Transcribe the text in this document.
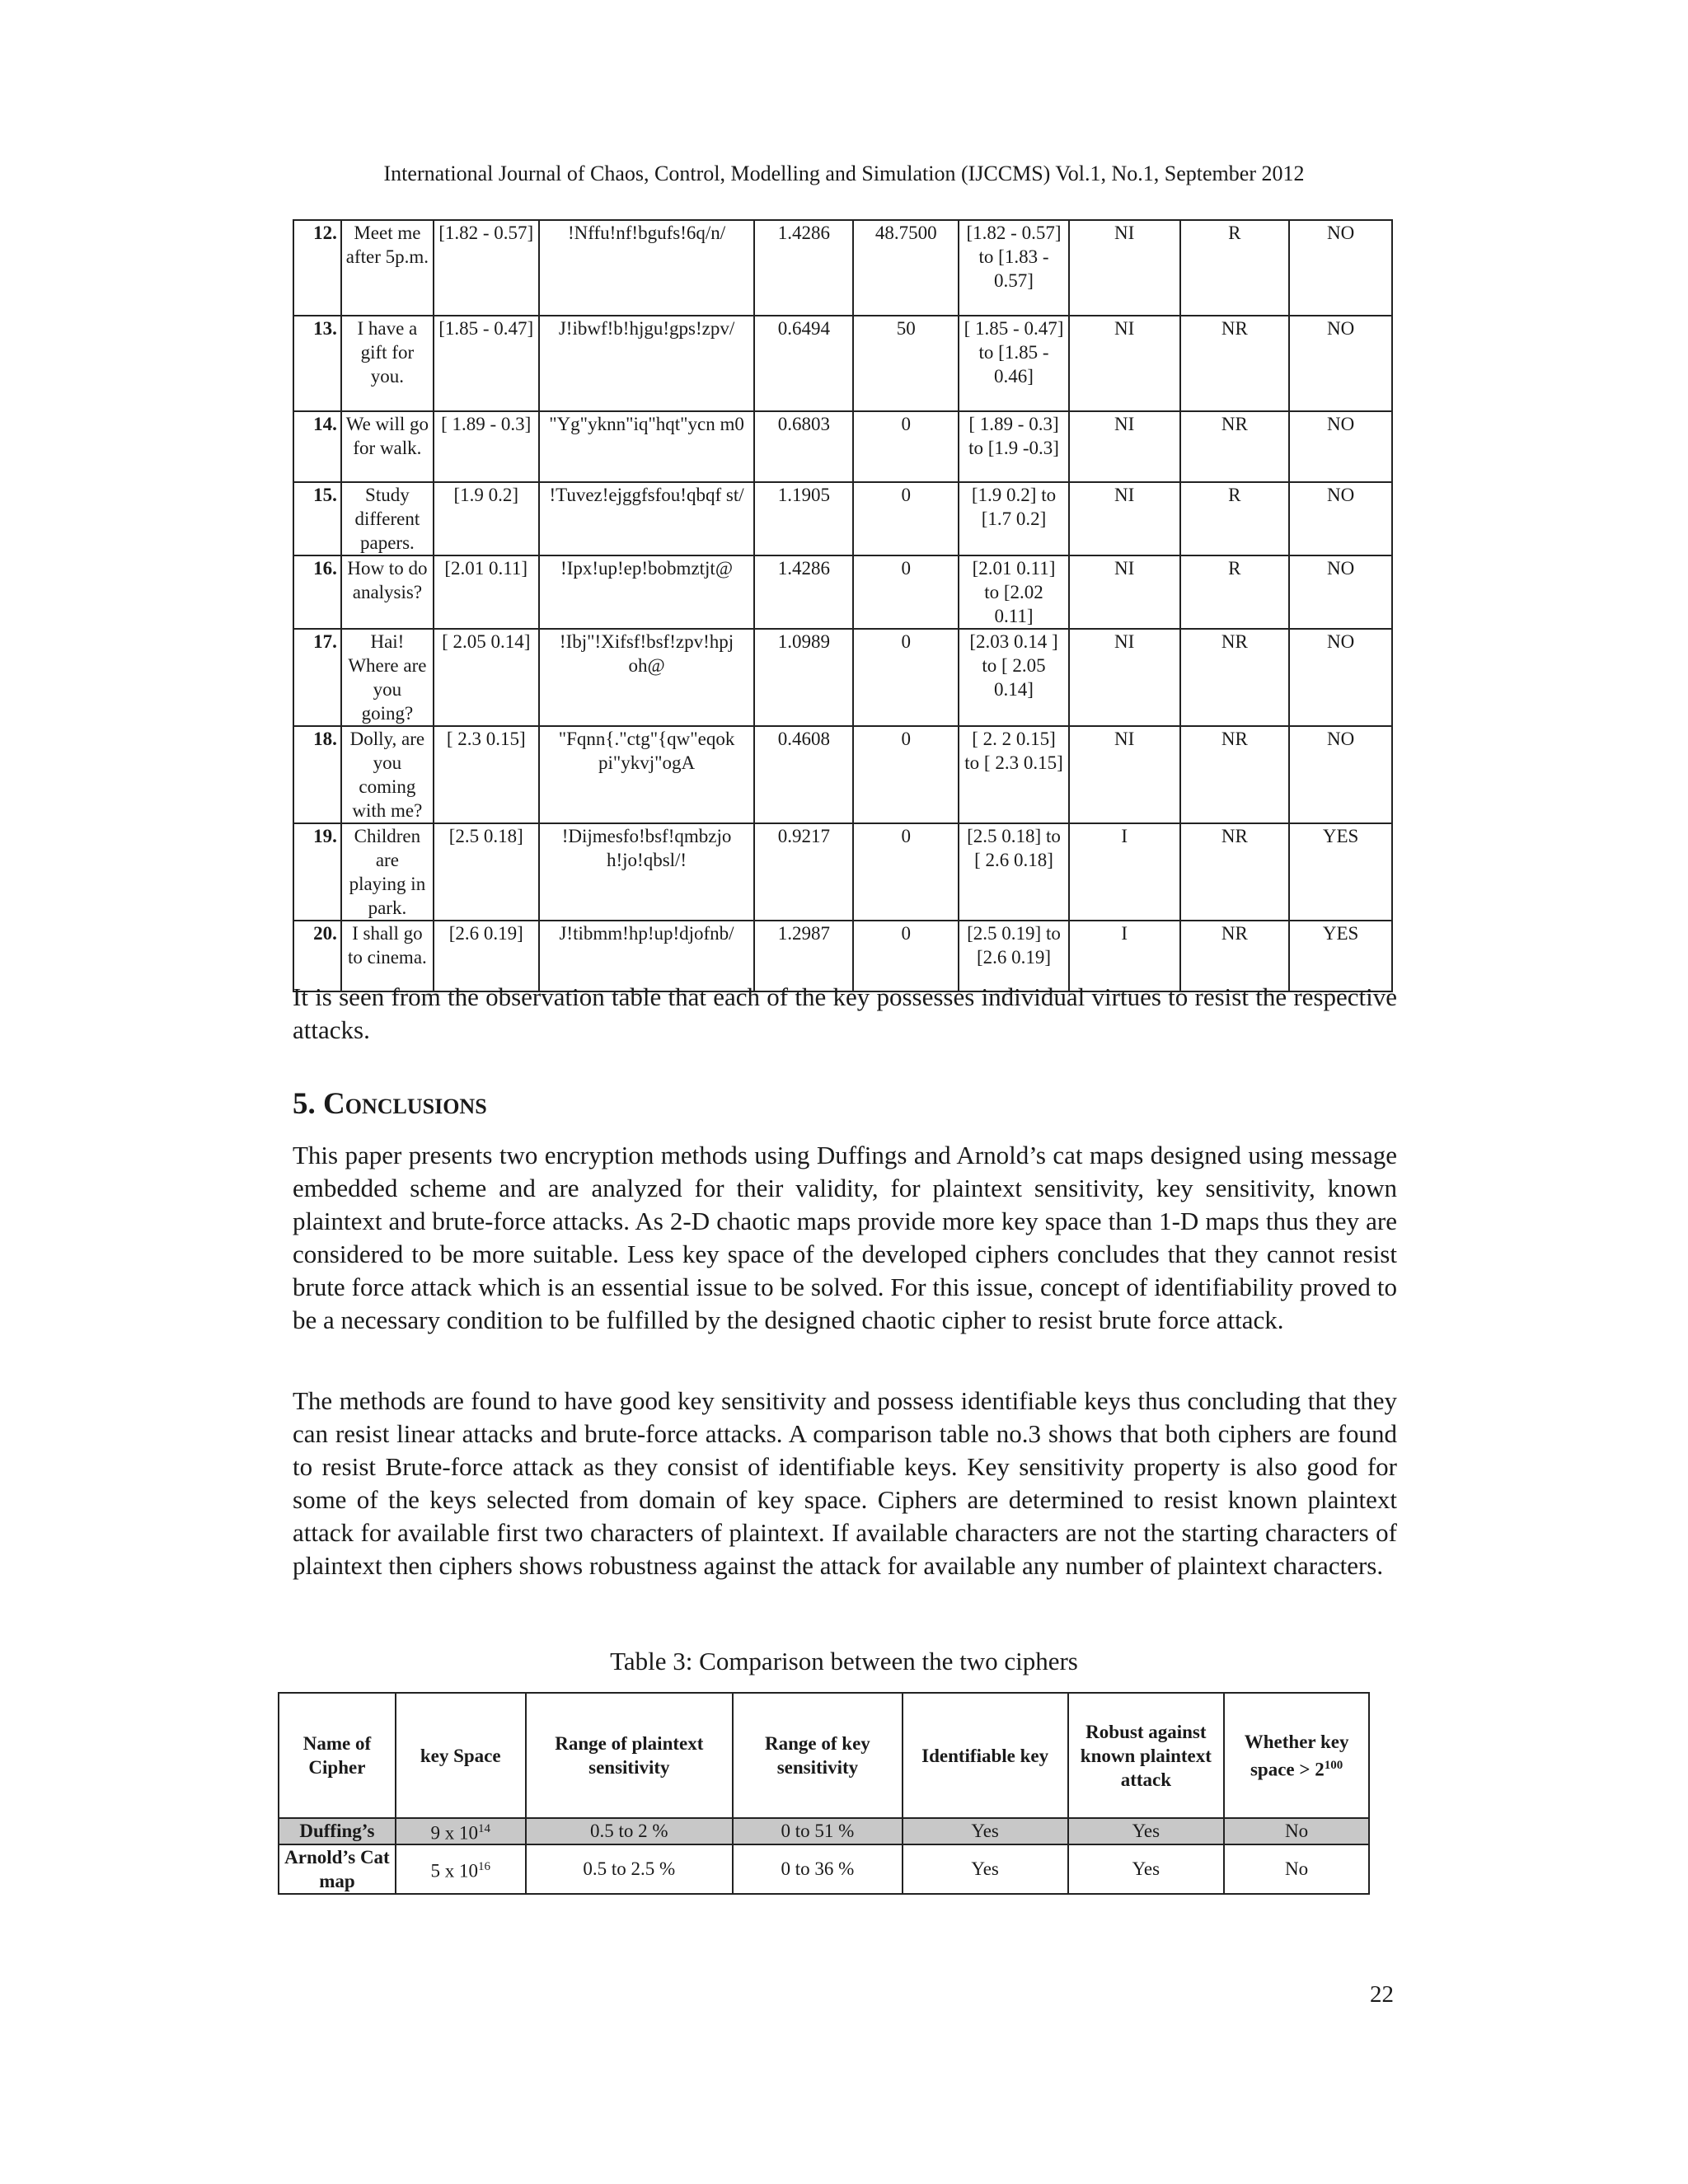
International Journal of Chaos, Control, Modelling and Simulation (IJCCMS) Vol.1, No.1, September 2012
12.	Meet me after 5p.m.	[1.82 - 0.57]	!Nffu!nf!bgufs!6q/n/	1.4286	48.7500	[1.82 - 0.57] to [1.83 - 0.57]	NI	R	NO
13.	I have a gift for you.	[1.85 - 0.47]	J!ibwf!b!hjgu!gps!zpv/	0.6494	50	[ 1.85 - 0.47] to [1.85 - 0.46]	NI	NR	NO
14.	We will go for walk.	[ 1.89 - 0.3]	"Yg"yknn"iq"hqt"ycn m0	0.6803	0	[ 1.89 - 0.3] to [1.9 -0.3]	NI	NR	NO
15.	Study different papers.	[1.9 0.2]	!Tuvez!ejggfsfou!qbqf st/	1.1905	0	[1.9 0.2] to [1.7 0.2]	NI	R	NO
16.	How to do analysis?	[2.01 0.11]	!Ipx!up!ep!bobmztjt@	1.4286	0	[2.01 0.11] to [2.02 0.11]	NI	R	NO
17.	Hai! Where are you going?	[ 2.05 0.14]	!Ibj"!Xifsf!bsf!zpv!hpj oh@	1.0989	0	[2.03 0.14 ] to [ 2.05 0.14]	NI	NR	NO
18.	Dolly, are you coming with me?	[ 2.3 0.15]	"Fqnn{."ctg"{qw"eqok pi"ykvj"ogA	0.4608	0	[ 2. 2 0.15] to [ 2.3 0.15]	NI	NR	NO
19.	Children are playing in park.	[2.5 0.18]	!Dijmesfo!bsf!qmbzjo h!jo!qbsl/!	0.9217	0	[2.5 0.18] to [ 2.6 0.18]	I	NR	YES
20.	I shall go to cinema.	[2.6 0.19]	J!tibmm!hp!up!djofnb/	1.2987	0	[2.5 0.19] to [2.6 0.19]	I	NR	YES

It is seen from the observation table that each of the key possesses individual virtues to resist the respective attacks.

5. Conclusions

This paper presents two encryption methods using Duffings and Arnold’s cat maps designed using message embedded scheme and are analyzed for their validity, for plaintext sensitivity, key sensitivity, known plaintext and brute-force attacks. As 2-D chaotic maps provide more key space than 1-D maps thus they are considered to be more suitable. Less key space of the developed ciphers concludes that they cannot resist brute force attack which is an essential issue to be solved. For this issue, concept of identifiability proved to be a necessary condition to be fulfilled by the designed chaotic cipher to resist brute force attack.

The methods are found to have good key sensitivity and possess identifiable keys thus concluding that they can resist linear attacks and brute-force attacks. A comparison table no.3 shows that both ciphers are found to resist Brute-force attack as they consist of identifiable keys. Key sensitivity property is also good for some of the keys selected from domain of key space. Ciphers are determined to resist known plaintext attack for available first two characters of plaintext. If available characters are not the starting characters of plaintext then ciphers shows robustness against the attack for available any number of plaintext characters.

Table 3: Comparison between the two ciphers
Name of Cipher	key Space	Range of plaintext sensitivity	Range of key sensitivity	Identifiable key	Robust against known plaintext attack	Whether key space > $2^{100}$
Duffing’s	9 x $10^{14}$	0.5 to 2 %	0 to 51 %	Yes	Yes	No
Arnold’s Cat map	5 x $10^{16}$	0.5 to 2.5 %	0 to 36 %	Yes	Yes	No
22
